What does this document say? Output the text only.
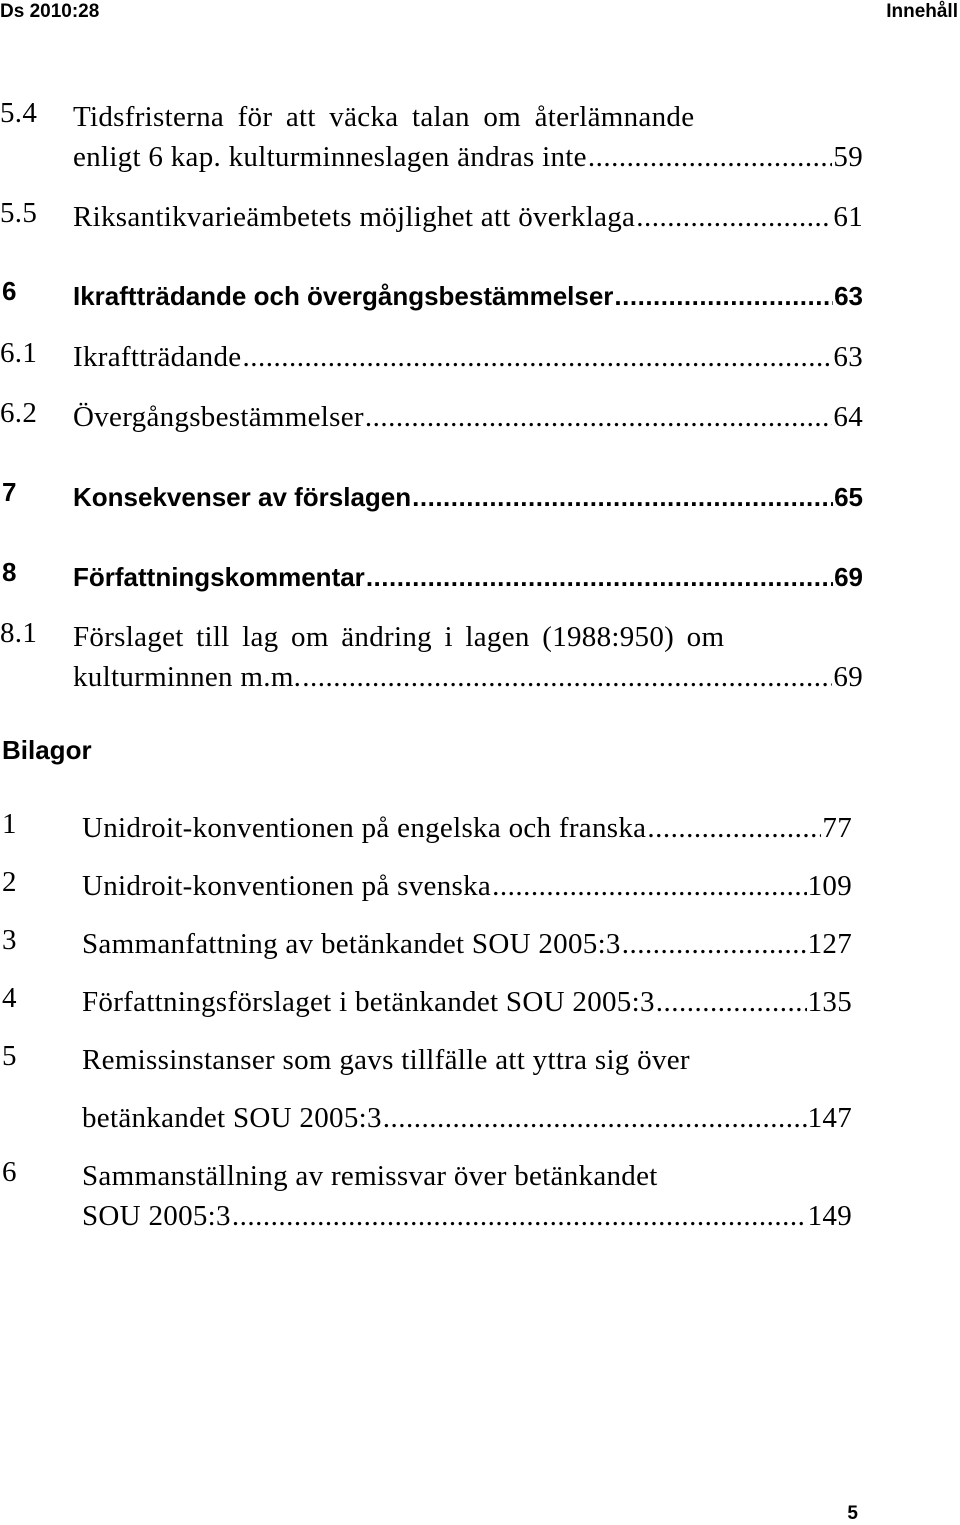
Ds 2010:28	Innehåll
5.4 Tidsfristerna för att väcka talan om återlämnande
enligt 6 kap. kulturminneslagen ändras inte .....	59
5.5 Riksantikvarieämbetets möjlighet att överklaga .....	61
6 Ikraftträdande och övergångsbestämmelser .....	63
6.1 Ikraftträdande .....	63
6.2 Övergångsbestämmelser .....	64
7 Konsekvenser av förslagen .....	65
8 Författningskommentar .....	69
8.1 Förslaget till lag om ändring i lagen (1988:950) om
kulturminnen m.m. .....	69
Bilagor
1 Unidroit-konventionen på engelska och franska .....	77
2 Unidroit-konventionen på svenska .....	109
3 Sammanfattning av betänkandet SOU 2005:3 .....	127
4 Författningsförslaget i betänkandet SOU 2005:3 .....	135
5 Remissinstanser som gavs tillfälle att yttra sig över
betänkandet SOU 2005:3 .....	147
6 Sammanställning av remissvar över betänkandet
SOU 2005:3 .....	149
5
